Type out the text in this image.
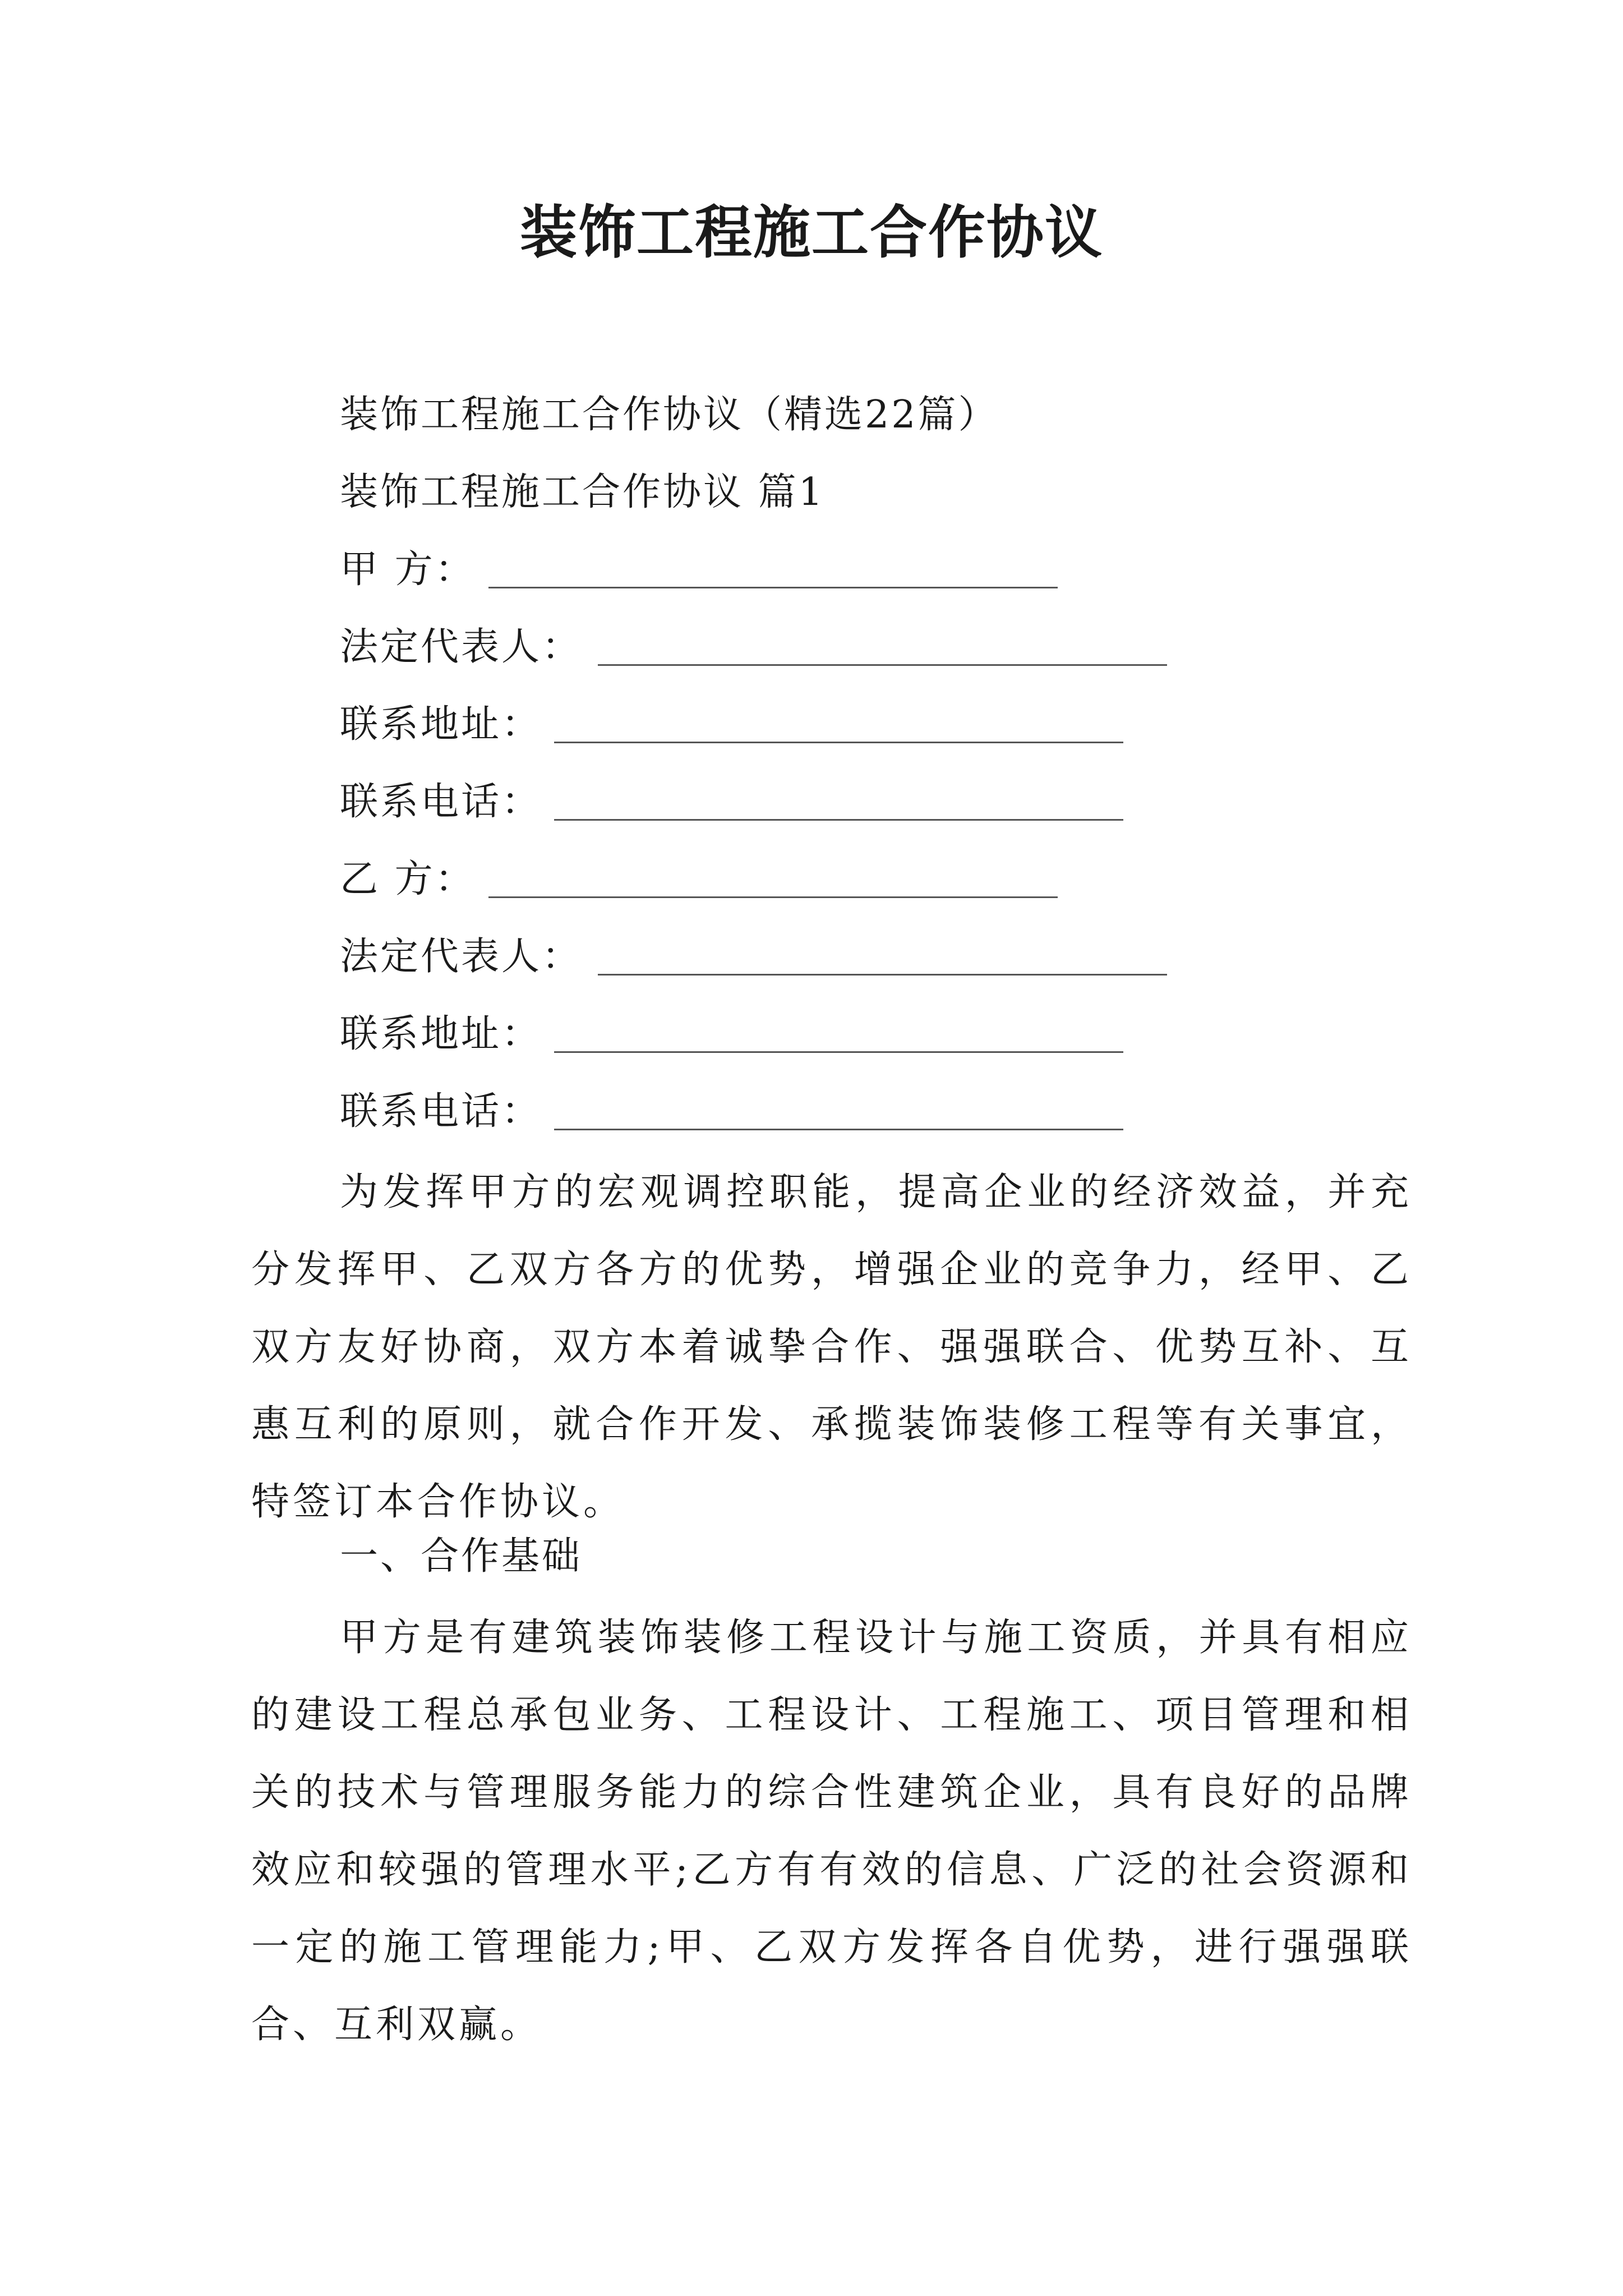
装饰工程施工合作协议
装饰工程施工合作协议（精选22篇）
装饰工程施工合作协议 篇1
甲 方：
法定代表人：
联系地址：
联系电话：
乙 方：
法定代表人：
联系地址：
联系电话：

为发挥甲方的宏观调控职能，提高企业的经济效益，并充分发挥甲、乙双方各方的优势，增强企业的竞争力，经甲、乙双方友好协商，双方本着诚挚合作、强强联合、优势互补、互惠互利的原则，就合作开发、承揽装饰装修工程等有关事宜，特签订本合作协议。

一、合作基础

甲方是有建筑装饰装修工程设计与施工资质，并具有相应的建设工程总承包业务、工程设计、工程施工、项目管理和相关的技术与管理服务能力的综合性建筑企业，具有良好的品牌效应和较强的管理水平;乙方有有效的信息、广泛的社会资源和一定的施工管理能力;甲、乙双方发挥各自优势，进行强强联合、互利双赢。
